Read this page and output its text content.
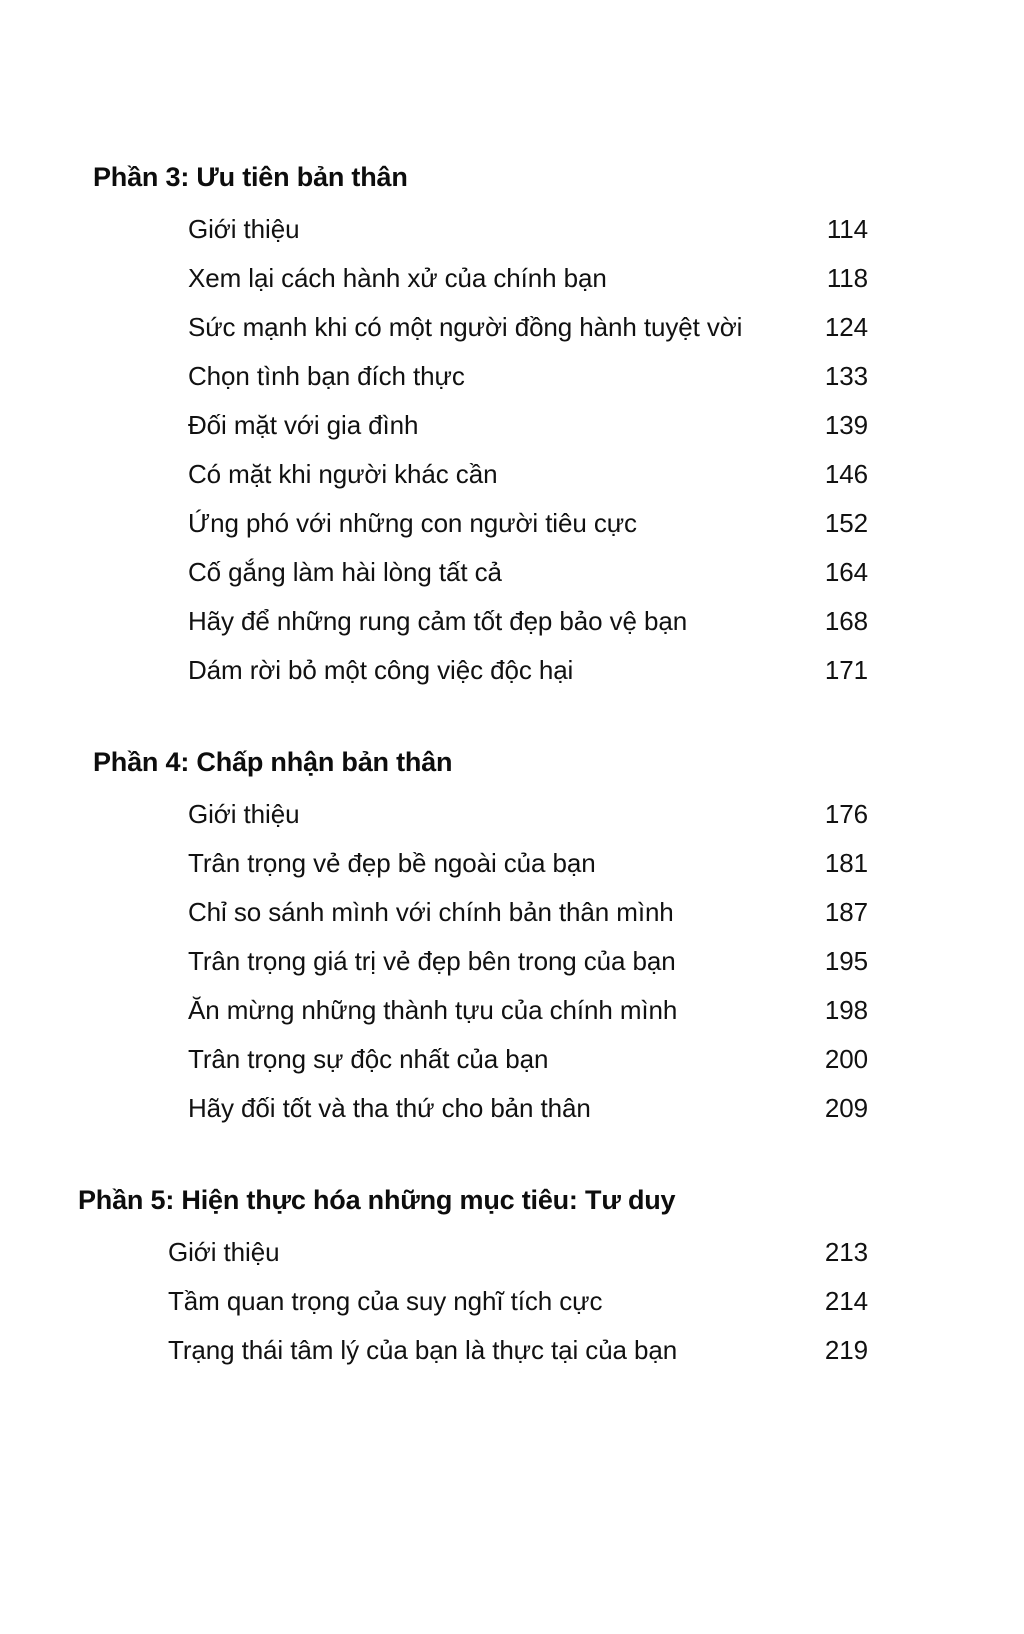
Phần 3: Ưu tiên bản thân
Giới thiệu	114
Xem lại cách hành xử của chính bạn	118
Sức mạnh khi có một người đồng hành tuyệt vời	124
Chọn tình bạn đích thực	133
Đối mặt với gia đình	139
Có mặt khi người khác cần	146
Ứng phó với những con người tiêu cực	152
Cố gắng làm hài lòng tất cả	164
Hãy để những rung cảm tốt đẹp bảo vệ bạn	168
Dám rời bỏ một công việc độc hại	171
Phần 4: Chấp nhận bản thân
Giới thiệu	176
Trân trọng vẻ đẹp bề ngoài của bạn	181
Chỉ so sánh mình với chính bản thân mình	187
Trân trọng giá trị vẻ đẹp bên trong của bạn	195
Ăn mừng những thành tựu của chính mình	198
Trân trọng sự độc nhất của bạn	200
Hãy đối tốt và tha thứ cho bản thân	209
Phần 5: Hiện thực hóa những mục tiêu: Tư duy
Giới thiệu	213
Tầm quan trọng của suy nghĩ tích cực	214
Trạng thái tâm lý của bạn là thực tại của bạn	219
